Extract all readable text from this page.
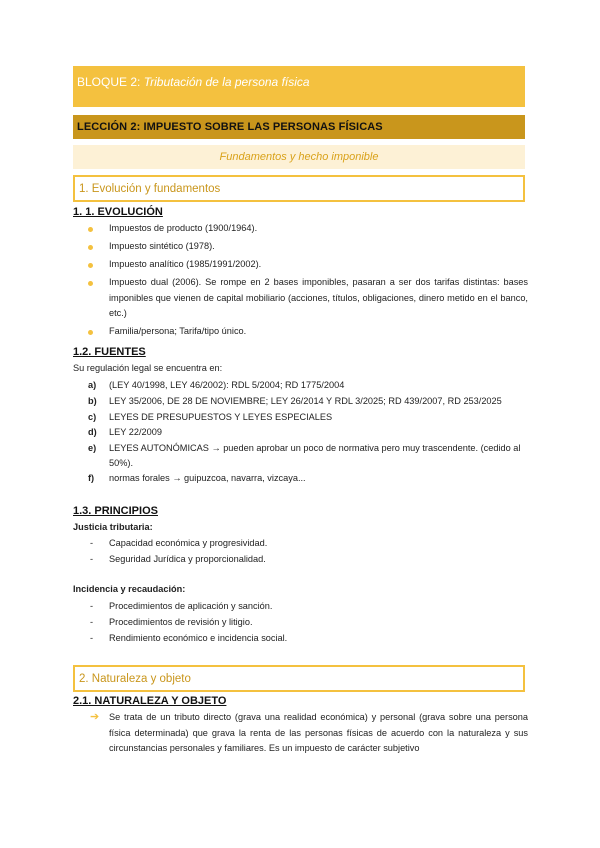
BLOQUE 2: Tributación de la persona física
LECCIÓN 2: IMPUESTO SOBRE LAS PERSONAS FÍSICAS
Fundamentos y hecho imponible
1. Evolución y fundamentos
1. 1. EVOLUCIÓN
Impuestos de producto (1900/1964).
Impuesto sintético (1978).
Impuesto analítico (1985/1991/2002).
Impuesto dual (2006). Se rompe en 2 bases imponibles, pasaran a ser dos tarifas distintas: bases imponibles que vienen de capital mobiliario (acciones, títulos, obligaciones, dinero metido en el banco, etc.)
Familia/persona; Tarifa/tipo único.
1.2. FUENTES
Su regulación legal se encuentra en:
a) (LEY 40/1998, LEY 46/2002): RDL 5/2004; RD 1775/2004
b) LEY 35/2006, DE 28 DE NOVIEMBRE; LEY 26/2014 Y RDL 3/2025; RD 439/2007, RD 253/2025
c) LEYES DE PRESUPUESTOS Y LEYES ESPECIALES
d) LEY 22/2009
e) LEYES AUTONÓMICAS → pueden aprobar un poco de normativa pero muy trascendente. (cedido al 50%).
f) normas forales → guipuzcoa, navarra, vizcaya...
1.3. PRINCIPIOS
Justicia tributaria:
- Capacidad económica y progresividad.
- Seguridad Jurídica y proporcionalidad.
Incidencia y recaudación:
- Procedimientos de aplicación y sanción.
- Procedimientos de revisión y litigio.
- Rendimiento económico e incidencia social.
2. Naturaleza y objeto
2.1. NATURALEZA Y OBJETO
➔ Se trata de un tributo directo (grava una realidad económica) y personal (grava sobre una persona física determinada) que grava la renta de las personas físicas de acuerdo con la naturaleza y sus circunstancias personales y familiares. Es un impuesto de carácter subjetivo
